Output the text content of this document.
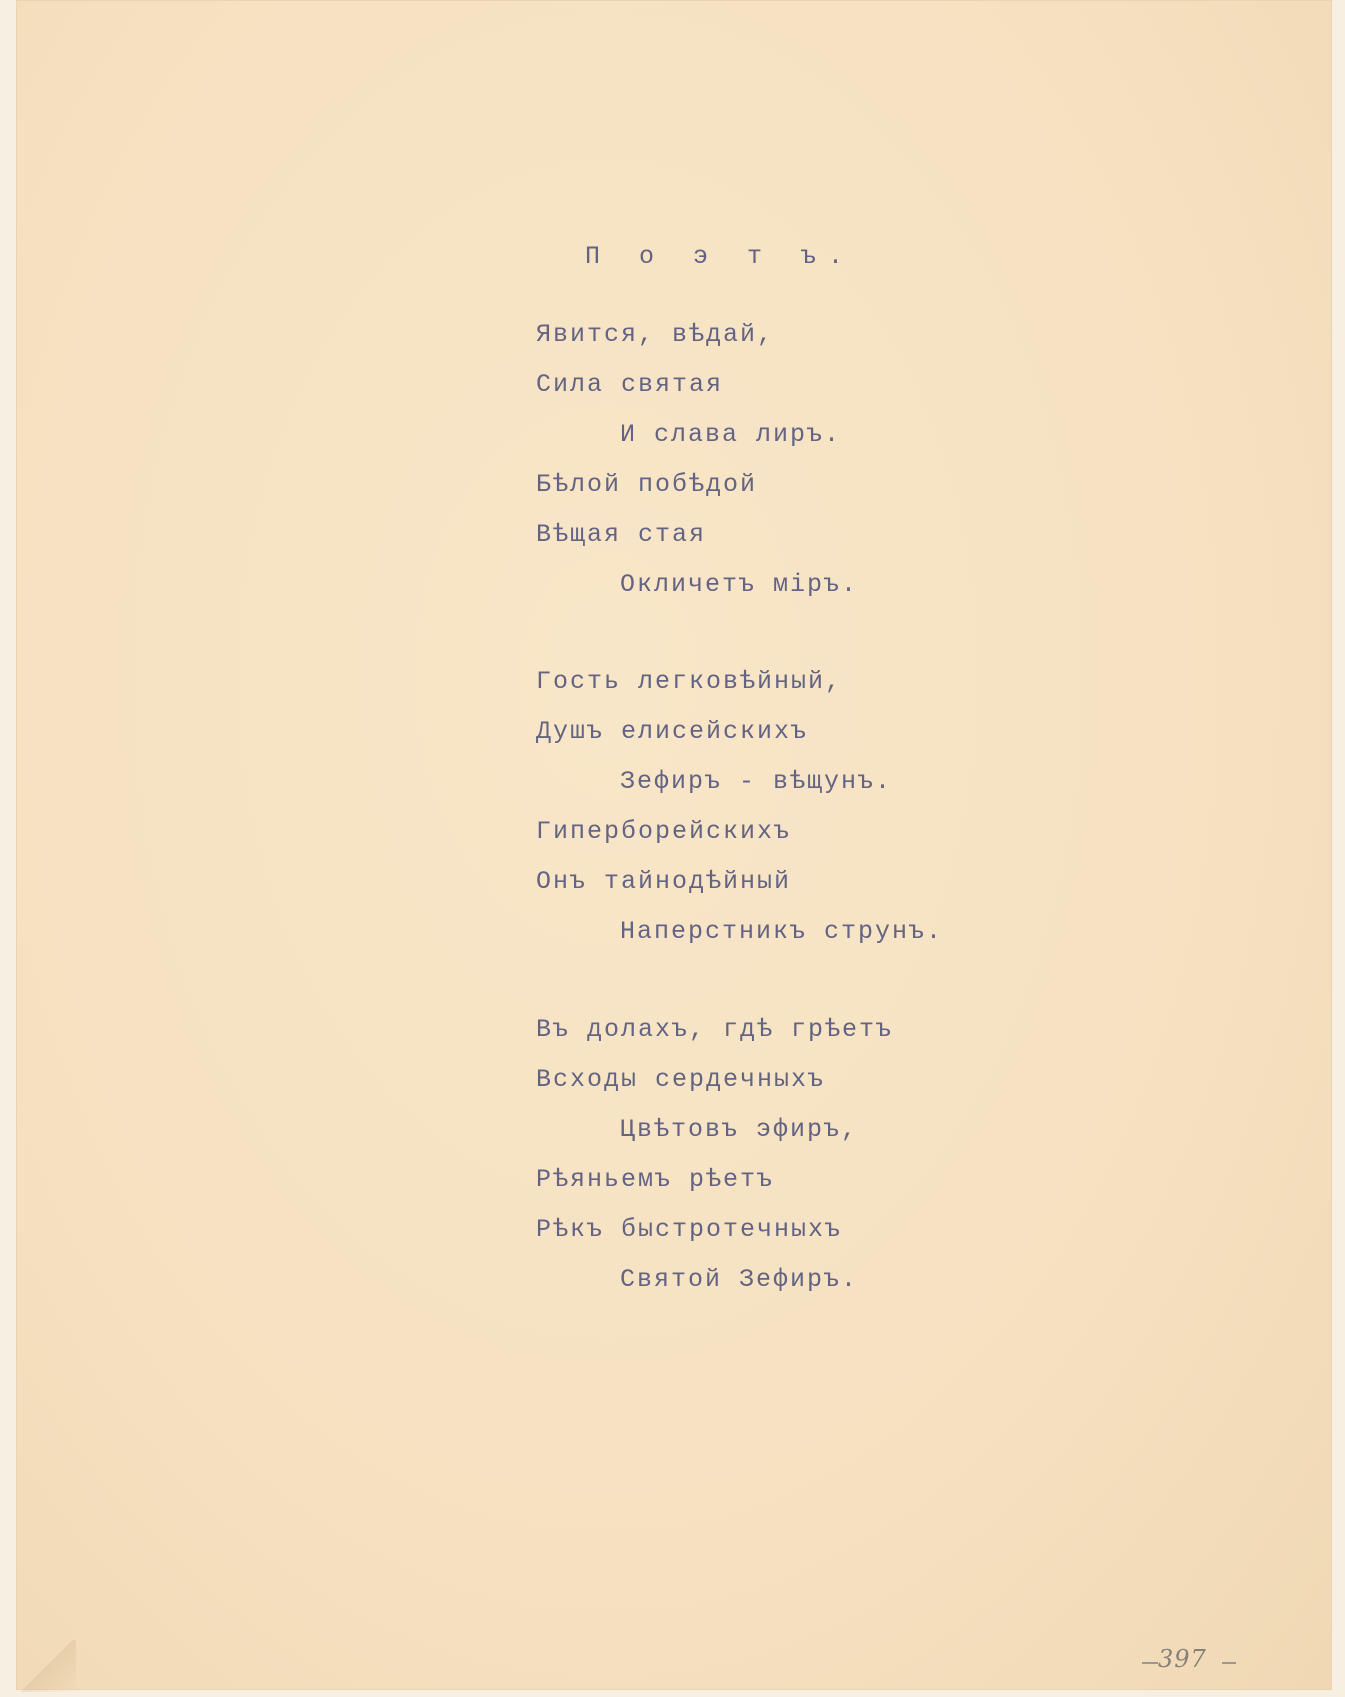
П о э т ъ.
Явится, вѣдай,
Сила святая
И слава лиръ.
Бѣлой побѣдой
Вѣщая стая
Окличетъ міръ.
Гость легковѣйный,
Душъ елисейскихъ
Зефиръ - вѣщунъ.
Гиперборейскихъ
Онъ тайнодѣйный
Наперстникъ струнъ.
Въ долахъ, гдѣ грѣетъ
Всходы сердечныхъ
Цвѣтовъ эфиръ,
Рѣяньемъ рѣетъ
Рѣкъ быстротечныхъ
Святой Зефиръ.
397
